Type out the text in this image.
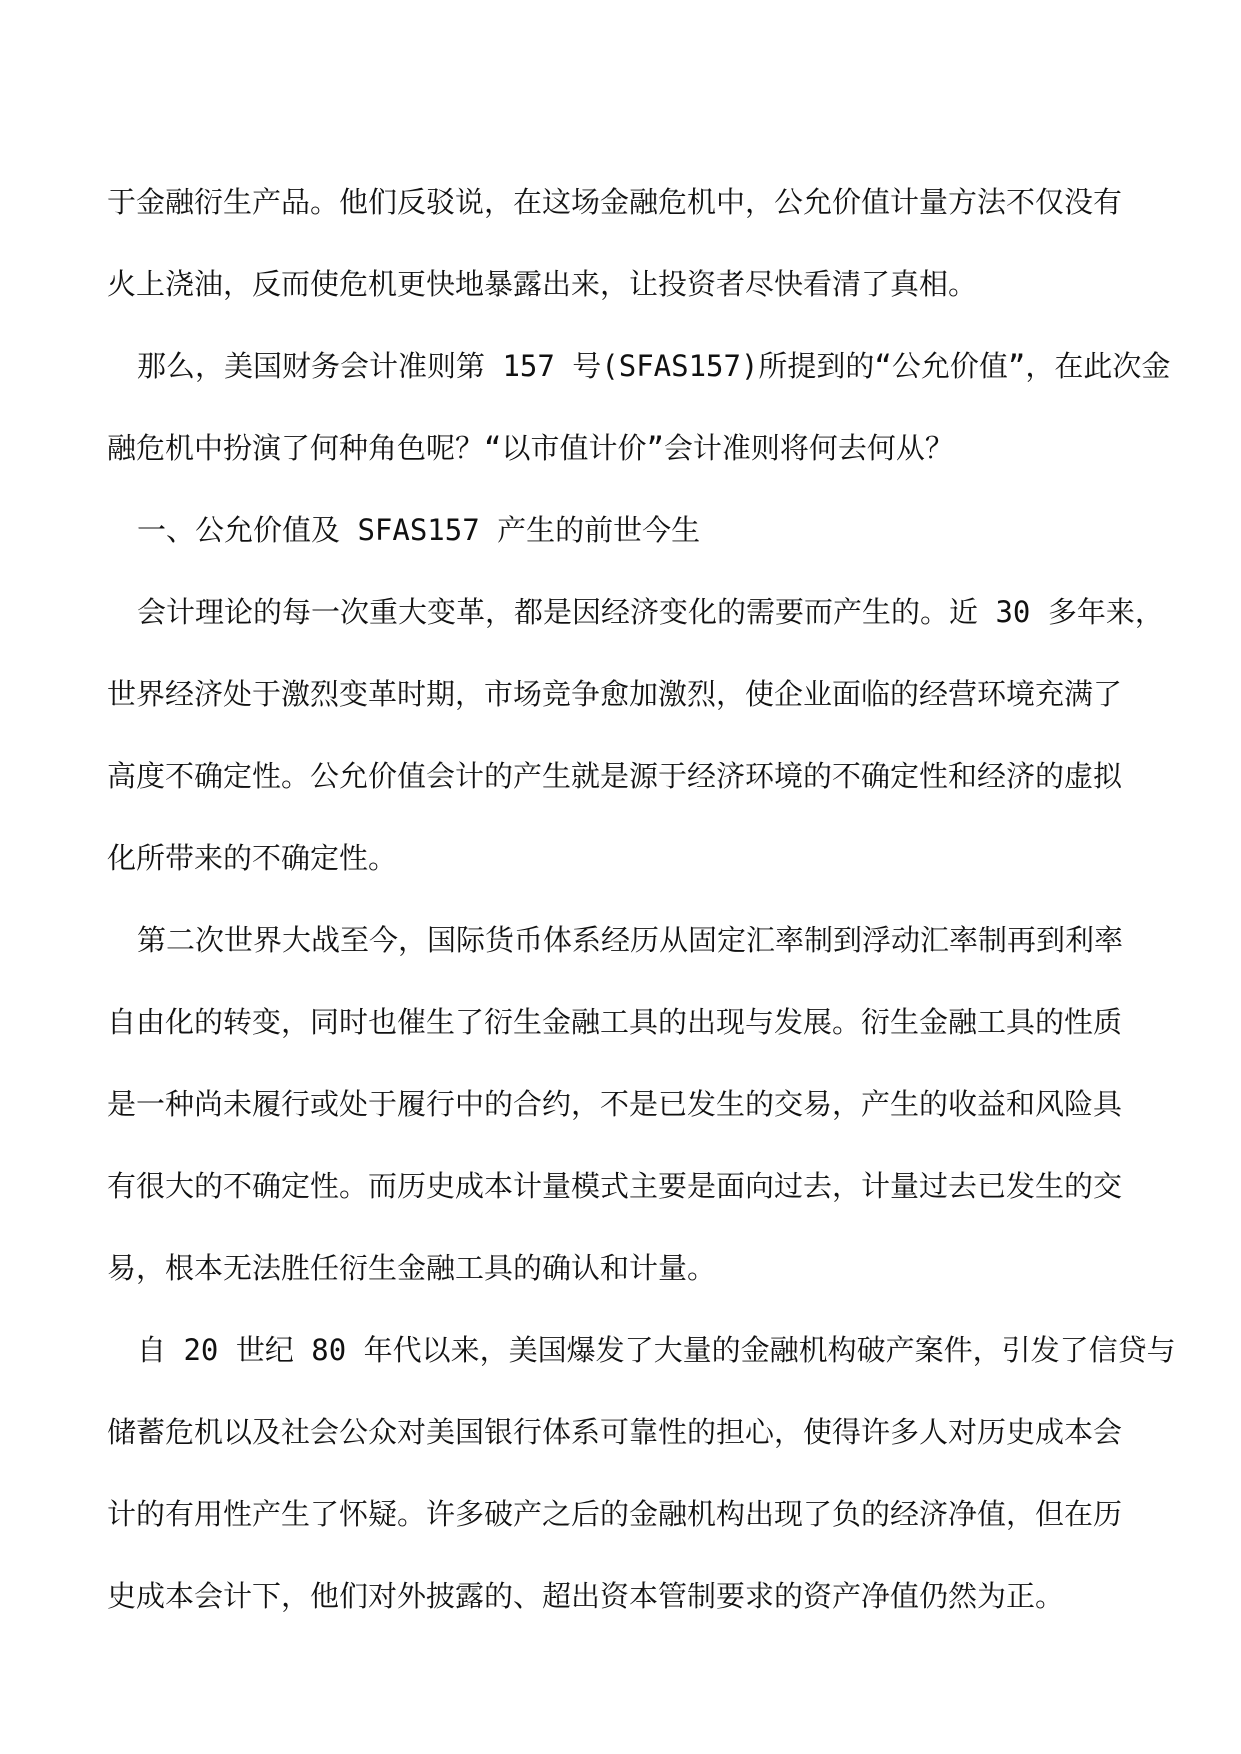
于金融衍生产品。他们反驳说，在这场金融危机中，公允价值计量方法不仅没有
火上浇油，反而使危机更快地暴露出来，让投资者尽快看清了真相。
那么，美国财务会计准则第 157 号(SFAS157)所提到的“公允价值”，在此次金
融危机中扮演了何种角色呢？“以市值计价”会计准则将何去何从？
一、公允价值及 SFAS157 产生的前世今生
会计理论的每一次重大变革，都是因经济变化的需要而产生的。近 30 多年来，
世界经济处于激烈变革时期，市场竞争愈加激烈，使企业面临的经营环境充满了
高度不确定性。公允价值会计的产生就是源于经济环境的不确定性和经济的虚拟
化所带来的不确定性。
第二次世界大战至今，国际货币体系经历从固定汇率制到浮动汇率制再到利率
自由化的转变，同时也催生了衍生金融工具的出现与发展。衍生金融工具的性质
是一种尚未履行或处于履行中的合约，不是已发生的交易，产生的收益和风险具
有很大的不确定性。而历史成本计量模式主要是面向过去，计量过去已发生的交
易，根本无法胜任衍生金融工具的确认和计量。
自 20 世纪 80 年代以来，美国爆发了大量的金融机构破产案件，引发了信贷与
储蓄危机以及社会公众对美国银行体系可靠性的担心，使得许多人对历史成本会
计的有用性产生了怀疑。许多破产之后的金融机构出现了负的经济净值，但在历
史成本会计下，他们对外披露的、超出资本管制要求的资产净值仍然为正。
